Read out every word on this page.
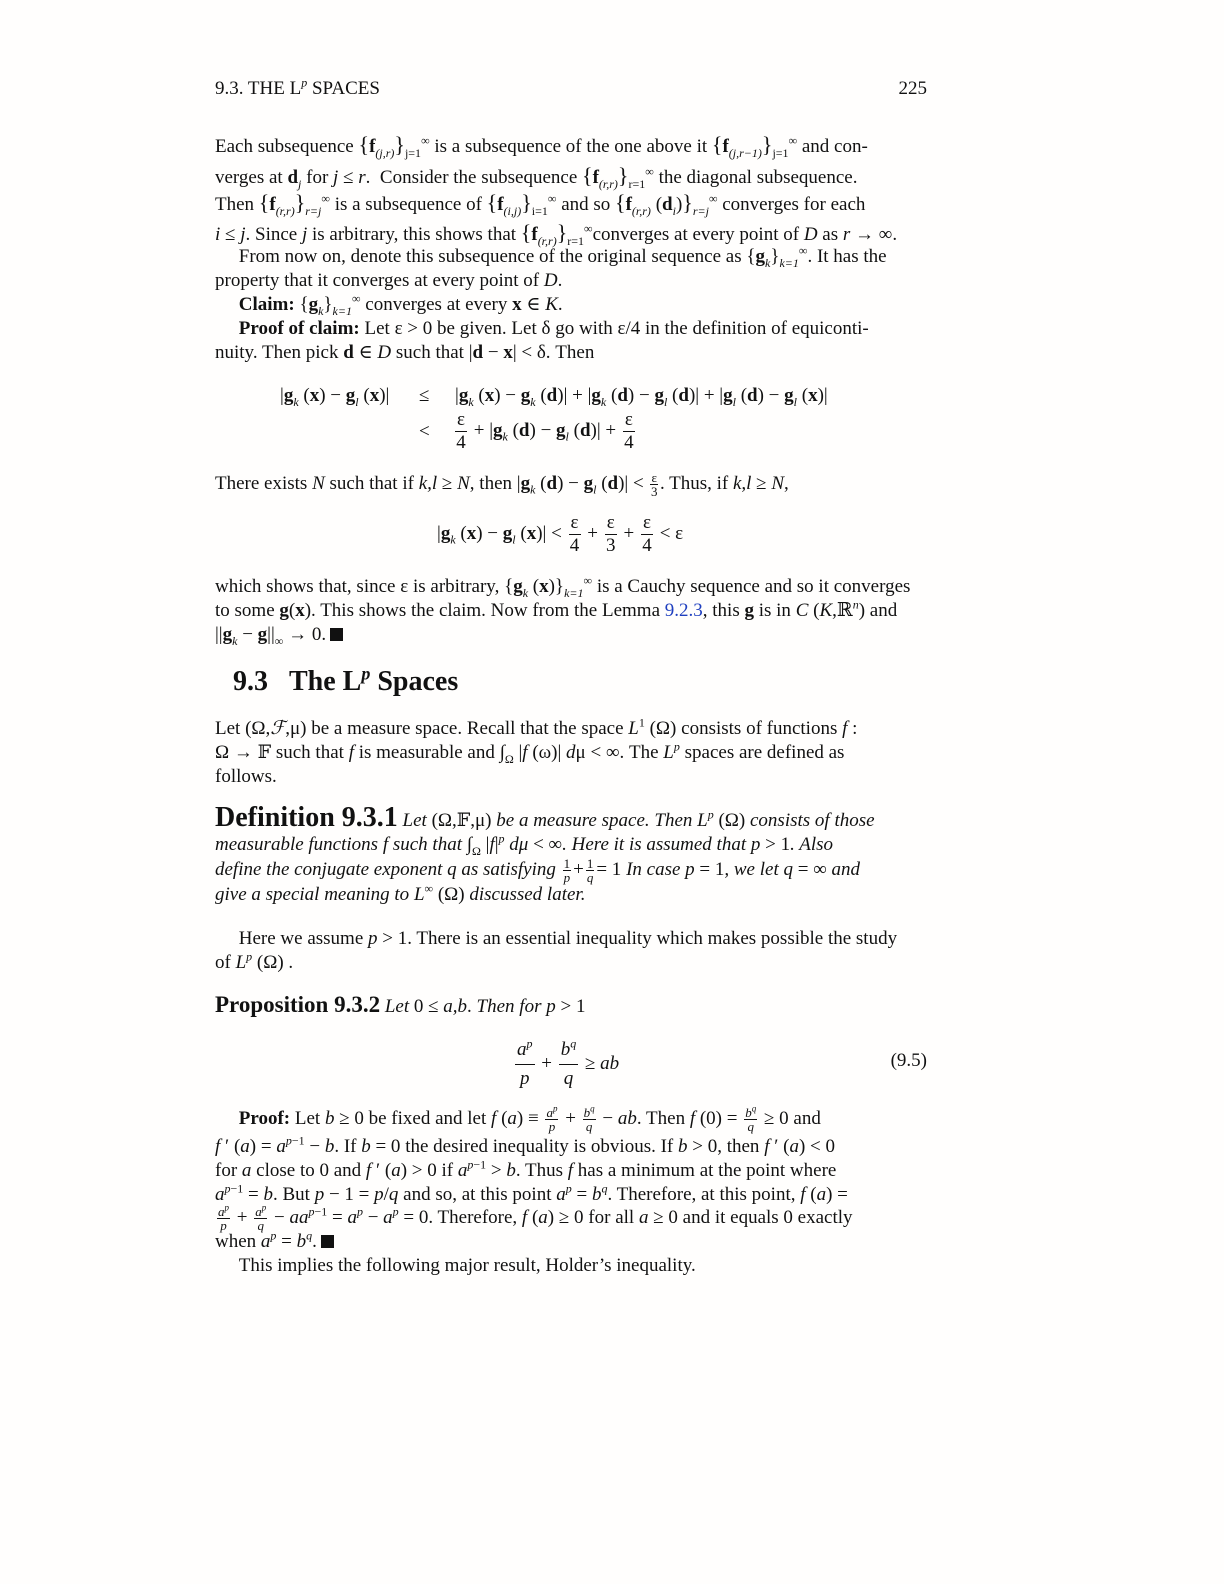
9.3. THE $L^p$ SPACES	225
Each subsequence $\{f_{(j,r)}\}_{j=1}^\infty$ is a subsequence of the one above it $\{f_{(j,r-1)}\}_{j=1}^\infty$ and con-
verges at $d_j$ for j ≤ r.  Consider the subsequence $\{f_{(r,r)}\}_{r=1}^\infty$ the diagonal subsequence.
Then $\{f_{(r,r)}\}_{r=j}^\infty$ is a subsequence of $\{f_{(i,j)}\}_{i=1}^\infty$ and so {$f_{(r,r)}$ $(d_i)\}_{r=j}^\infty$ converges for each
i ≤ j. Since j is arbitrary, this shows that $\{f_{(r,r)}\}_{r=1}^\infty converges$ at every point of D as r → ∞.
From now on, denote this subsequence of the original sequence as $\{g_k\}_{k=1}^\infty$. It has the
property that it converges at every point of D.
Claim: $\{g_k\}_{k=1}^\infty$ converges at every x ∈ K.
Proof of claim: Let ε > 0 be given. Let δ go with ε/4 in the definition of equiconti-
nuity. Then pick d ∈ D such that |d − x| < δ. Then
$|g_k$ $(x) - g_l$ $(x)| \le |g_k$ $(x) - g_k$ $(d)| + |g_k$ $(d) - g_l$ $(d)| + |g_l$ $(d) - g_l$ (x)|
< $\frac{\varepsilon}{4} + |g_k$ $(d) - g_l$ $(d)| + \frac{\varepsilon}{4}$
There exists N such that if k,l ≥ N, then $|g_k$ $(d) - g_l$ $(d)| < \frac{\varepsilon}{3}$ . Thus, if k,l ≥ N,
$|g_k$ $(x) - g_l$ $(x)| < \frac{\varepsilon}{4} + \frac{\varepsilon}{3} + \frac{\varepsilon}{4} < \varepsilon$
which shows that, since ε is arbitrary, {$g_k$ $(x)\}_{k=1}^\infty$ is a Cauchy sequence and so it converges
to some g(x). This shows the claim. Now from the Lemma 9.2.3, this g is in C (K,ℝ$^n$) and
$||g_k - g||_\infty \to 0$.
9.3 The $L^p$ Spaces
Let (Ω,ℱ,μ) be a measure space. Recall that the space $L^1$ (Ω) consists of functions f :
Ω → 𝔽 such that f is measurable and $\int_\Omega$ |f (ω)| dμ < ∞. The $L^p$ spaces are defined as
follows.
Definition 9.3.1 Let (Ω,𝔽,μ) be a measure space. Then $L^p$ (Ω) consists of those
measurable functions f such that $\int_\Omega$ $|f|^p$ dμ < ∞. Here it is assumed that p > 1. Also
define the conjugate exponent q as satisfying $\frac{1}{p} + \frac{1}{q} = 1$ In case p = 1, we let q = ∞ and
give a special meaning to L∞ (Ω) discussed later.
Here we assume p > 1. There is an essential inequality which makes possible the study
of $L^p$ (Ω) .
Proposition 9.3.2 Let 0 ≤ a,b. Then for p > 1
$\frac{a^p}{p} + \frac{b^q}{q}$ ≥ ab	(9.5)
Proof: Let b ≥ 0 be fixed and let f $(a) \equiv \frac{a^p}{p} + \frac{b^q}{q}$ − ab. Then f $(0) = \frac{b^q}{q} \ge 0$ and
f ′ $(a) = a^{p-1} - b$. If b = 0 the desired inequality is obvious. If b > 0, then f ′ (a) < 0
for a close to 0 and f ′ (a) > 0 if $a^{p-1} > b$. Thus f has a minimum at the point where
$a^{p-1} = b$. But p − 1 = p/q and so, at this point $a^p = b^q$. Therefore, at this point, f (a) =
$\frac{a^p}{p} + \frac{a^p}{q} - aa^{p-1} = a^p - a^p = 0$. Therefore, f (a) ≥ 0 for all a ≥ 0 and it equals 0 exactly
when $a^p = b^q$.
This implies the following major result, Holder’s inequality.
